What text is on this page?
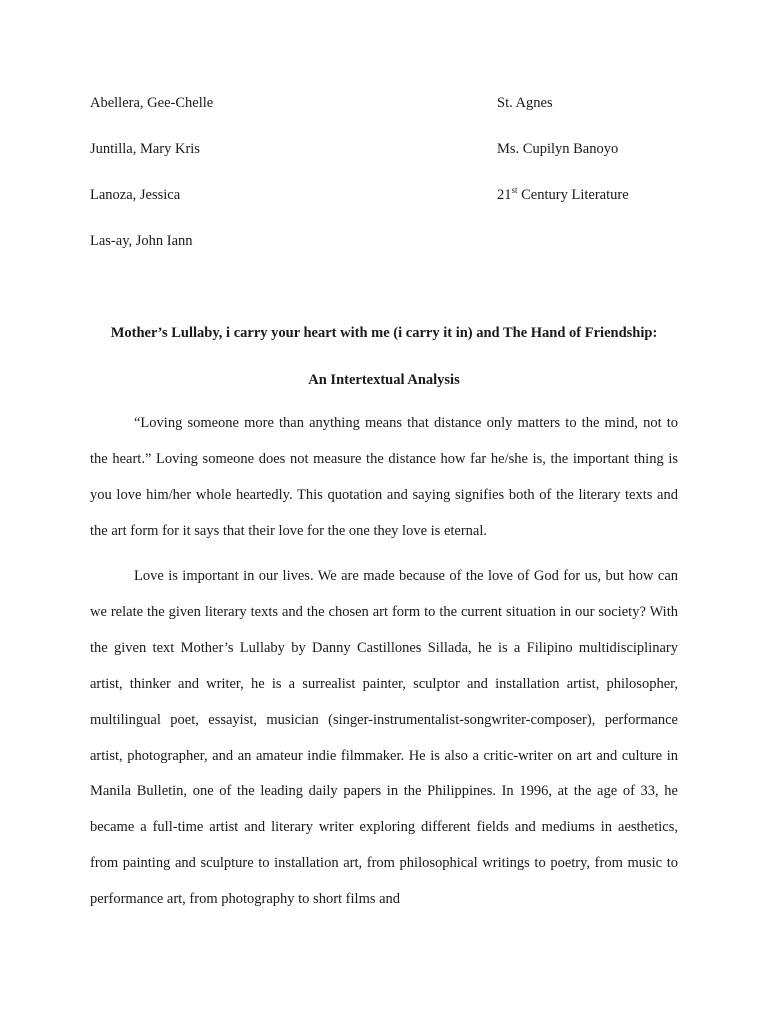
Abellera, Gee-Chelle
Juntilla, Mary Kris
Lanoza, Jessica
Las-ay, John Iann
St. Agnes
Ms. Cupilyn Banoyo
21st Century Literature
Mother’s Lullaby, i carry your heart with me (i carry it in) and The Hand of Friendship:
An Intertextual Analysis

“Loving someone more than anything means that distance only matters to the mind, not to the heart.” Loving someone does not measure the distance how far he/she is, the important thing is you love him/her whole heartedly. This quotation and saying signifies both of the literary texts and the art form for it says that their love for the one they love is eternal.

Love is important in our lives. We are made because of the love of God for us, but how can we relate the given literary texts and the chosen art form to the current situation in our society? With the given text Mother’s Lullaby by Danny Castillones Sillada, he is a Filipino multidisciplinary artist, thinker and writer, he is a surrealist painter, sculptor and installation artist, philosopher, multilingual poet, essayist, musician (singer-instrumentalist-songwriter-composer), performance artist, photographer, and an amateur indie filmmaker. He is also a critic-writer on art and culture in Manila Bulletin, one of the leading daily papers in the Philippines. In 1996, at the age of 33, he became a full-time artist and literary writer exploring different fields and mediums in aesthetics, from painting and sculpture to installation art, from philosophical writings to poetry, from music to performance art, from photography to short films and
